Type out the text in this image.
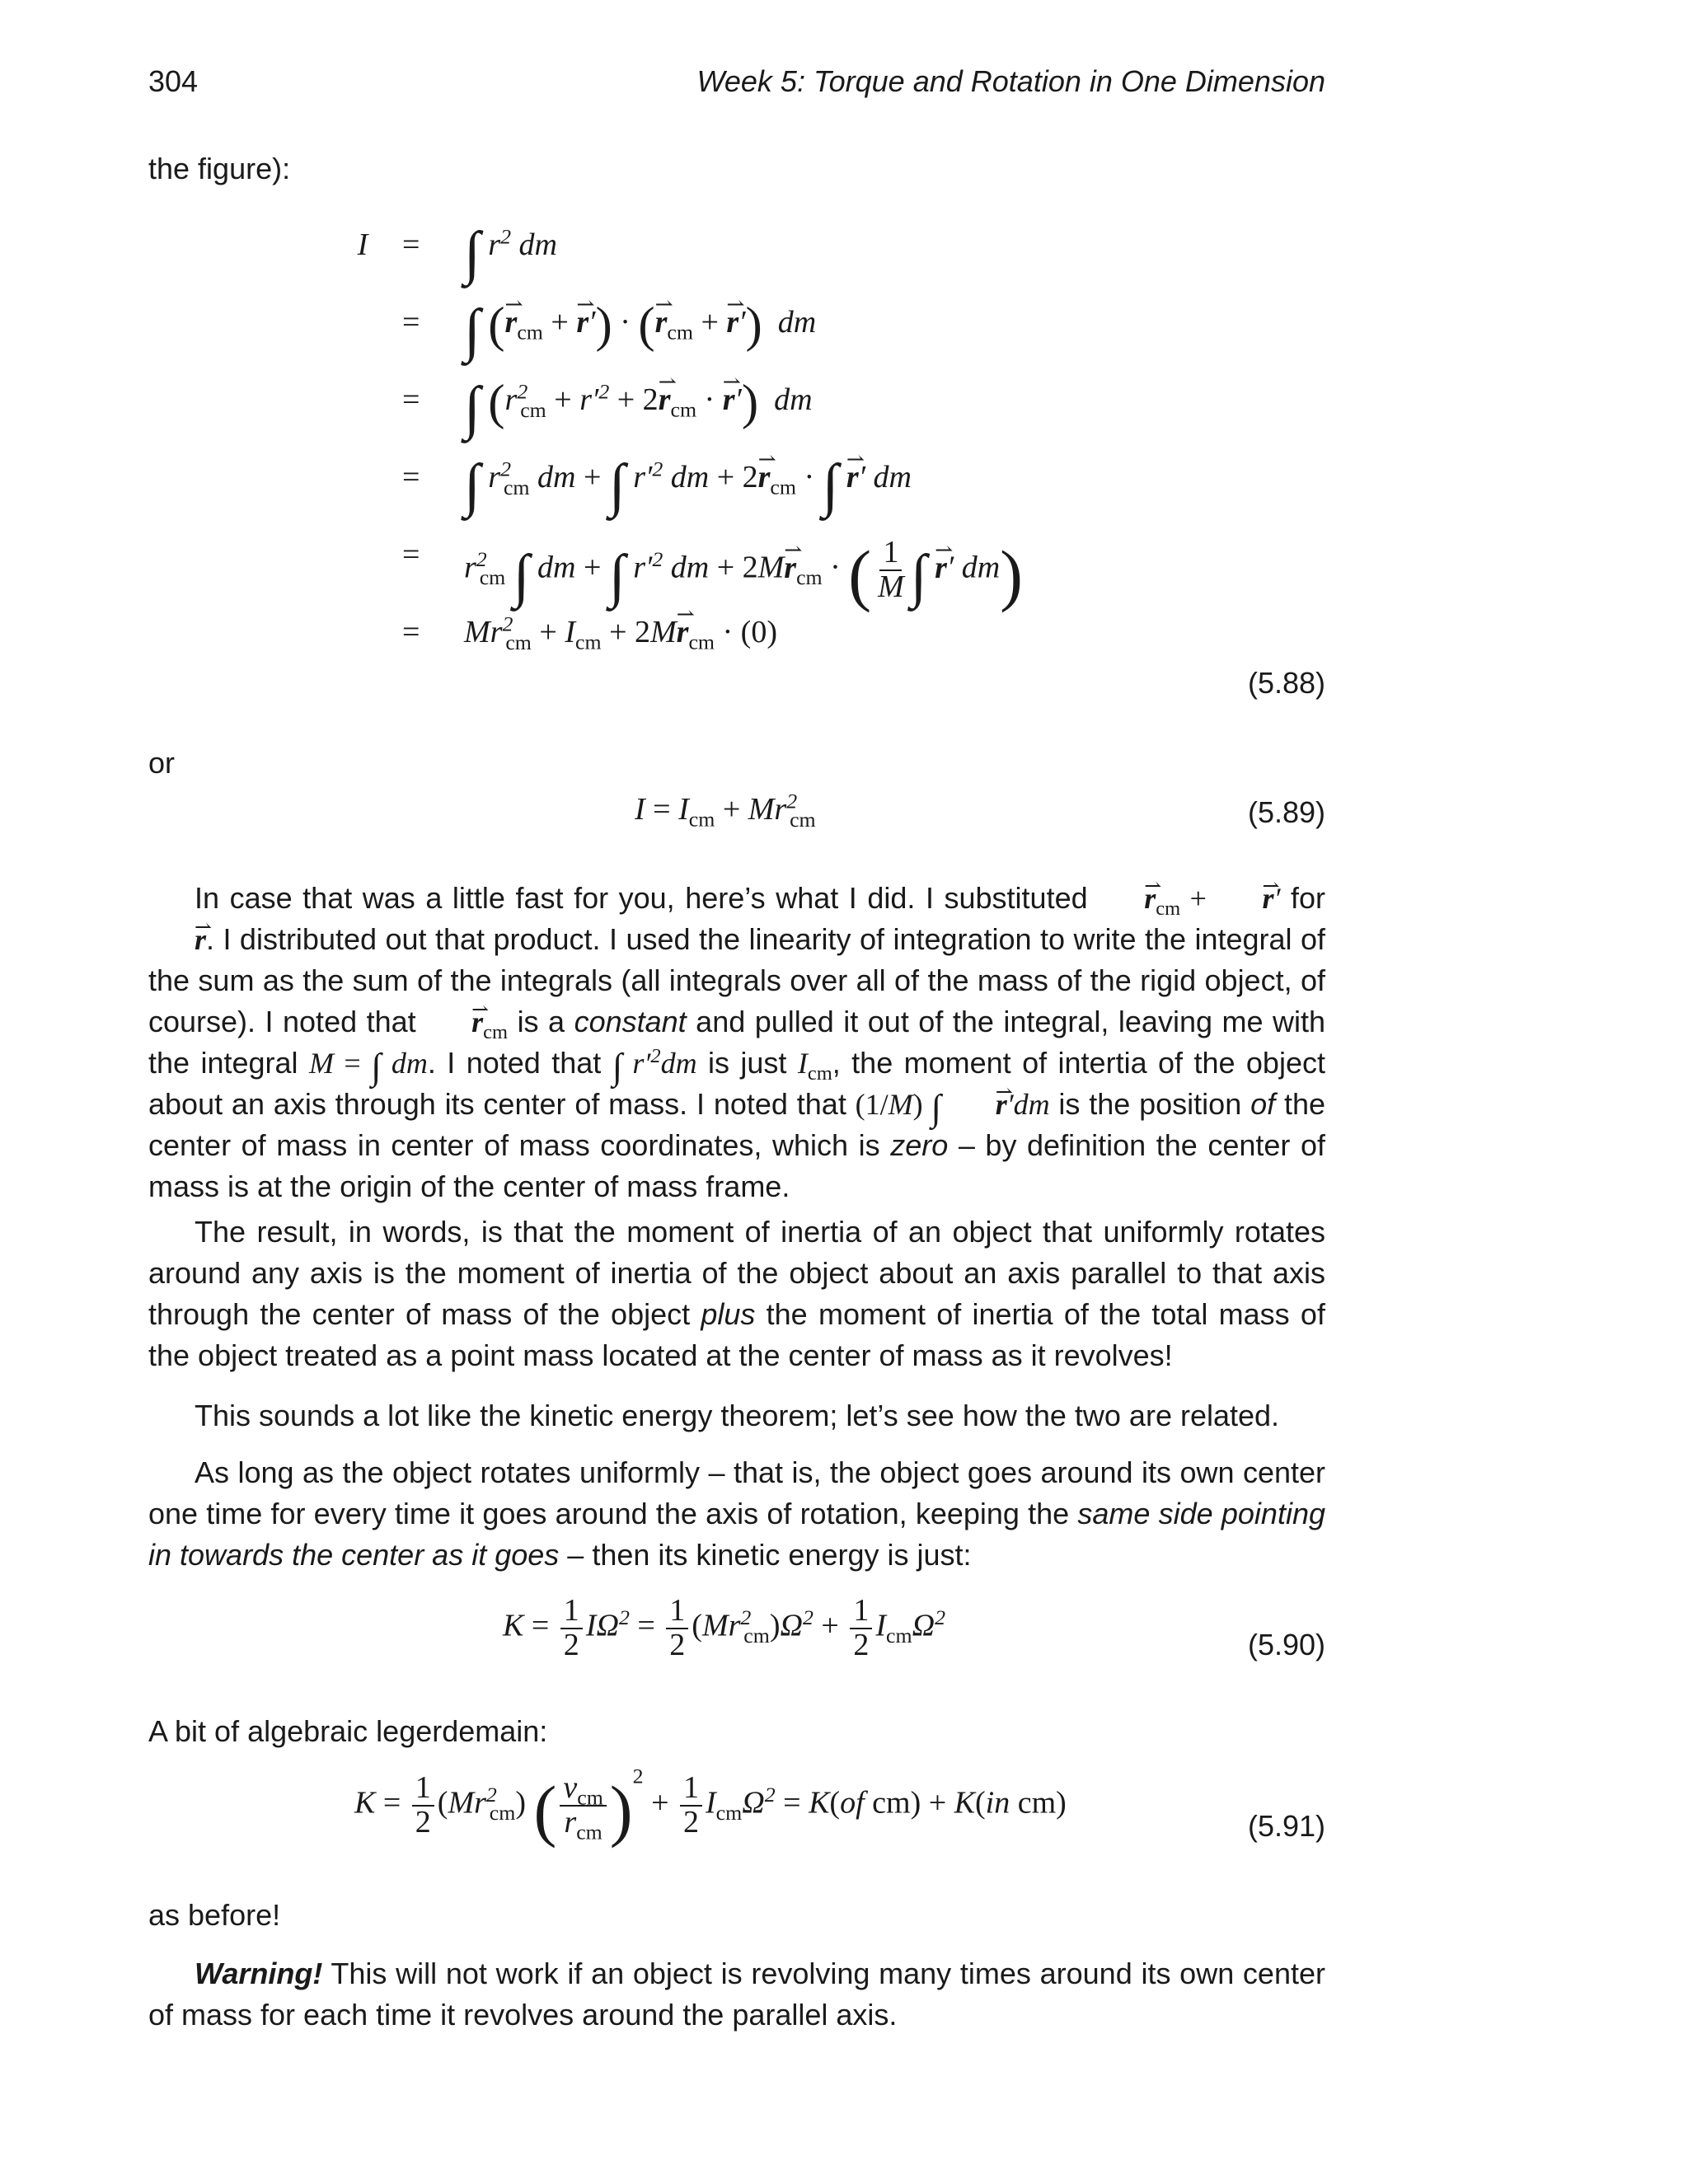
304	Week 5: Torque and Rotation in One Dimension
the figure):
I	= ∫ $r^2$ dm
= ∫ (⇀ $r_{cm}$ + ⇀ r′) · (⇀ $r_{cm}$ + ⇀ r′)  dm
= ∫ ($r^2_{cm} + r'^2$ + 2⇀ $r_{cm}$ · ⇀ r′)  dm
= ∫ $r^2_{cm}$ dm + ∫ $r'^2$ dm + 2⇀ $r_{cm}$ · ∫ ⇀ r′ dm
= $r^2_{cm}$ ∫ dm + ∫ $r'^2$ dm + 2M⇀ $r_{cm}$ · ( $\frac{1}{M}$ ∫ ⇀ r′ dm)
= $Mr^2_{cm} + I_{cm}$ + 2M⇀ $r_{cm} \cdot (0)$
(5.88)
or
$I = I_{cm} + Mr^2_{cm}$	(5.89)
In case that was a little fast for you, here’s what I did. I substituted ⇀ $r_{cm}$ + ⇀ r′ for ⇀ r. I distributed out that product. I used the linearity of integration to write the integral of the sum as the sum of the integrals (all integrals over all of the mass of the rigid object, of course). I noted that ⇀ $r_{cm}$ is a constant and pulled it out of the integral, leaving me with the integral M = ∫ dm. I noted that ∫ $r'^2dm$ is just $I_{cm}$, the moment of intertia of the object about an axis through its center of mass. I noted that (1/M) ∫ ⇀ r′dm is the position of the center of mass in center of mass coordinates, which is zero – by definition the center of mass is at the origin of the center of mass frame.
The result, in words, is that the moment of inertia of an object that uniformly rotates around any axis is the moment of inertia of the object about an axis parallel to that axis through the center of mass of the object plus the moment of inertia of the total mass of the object treated as a point mass located at the center of mass as it revolves!
This sounds a lot like the kinetic energy theorem; let’s see how the two are related.
As long as the object rotates uniformly – that is, the object goes around its own center one time for every time it goes around the axis of rotation, keeping the same side pointing in towards the center as it goes – then its kinetic energy is just:
$K = \frac{1}{2} I\Omega^2 = \frac{1}{2} (Mr^2_{cm})\Omega^2 + \frac{1}{2} I_{cm}\Omega^2$
(5.90)
A bit of algebraic legerdemain:
$K = \frac{1}{2} (Mr^2_{cm})$ ( $\frac{v_{cm}}{r_{cm}} )^2 + \frac{1}{2} I_{cm}\Omega^2 = K(of$ cm) + K(in cm)
(5.91)
as before!
Warning! This will not work if an object is revolving many times around its own center of mass for each time it revolves around the parallel axis.
